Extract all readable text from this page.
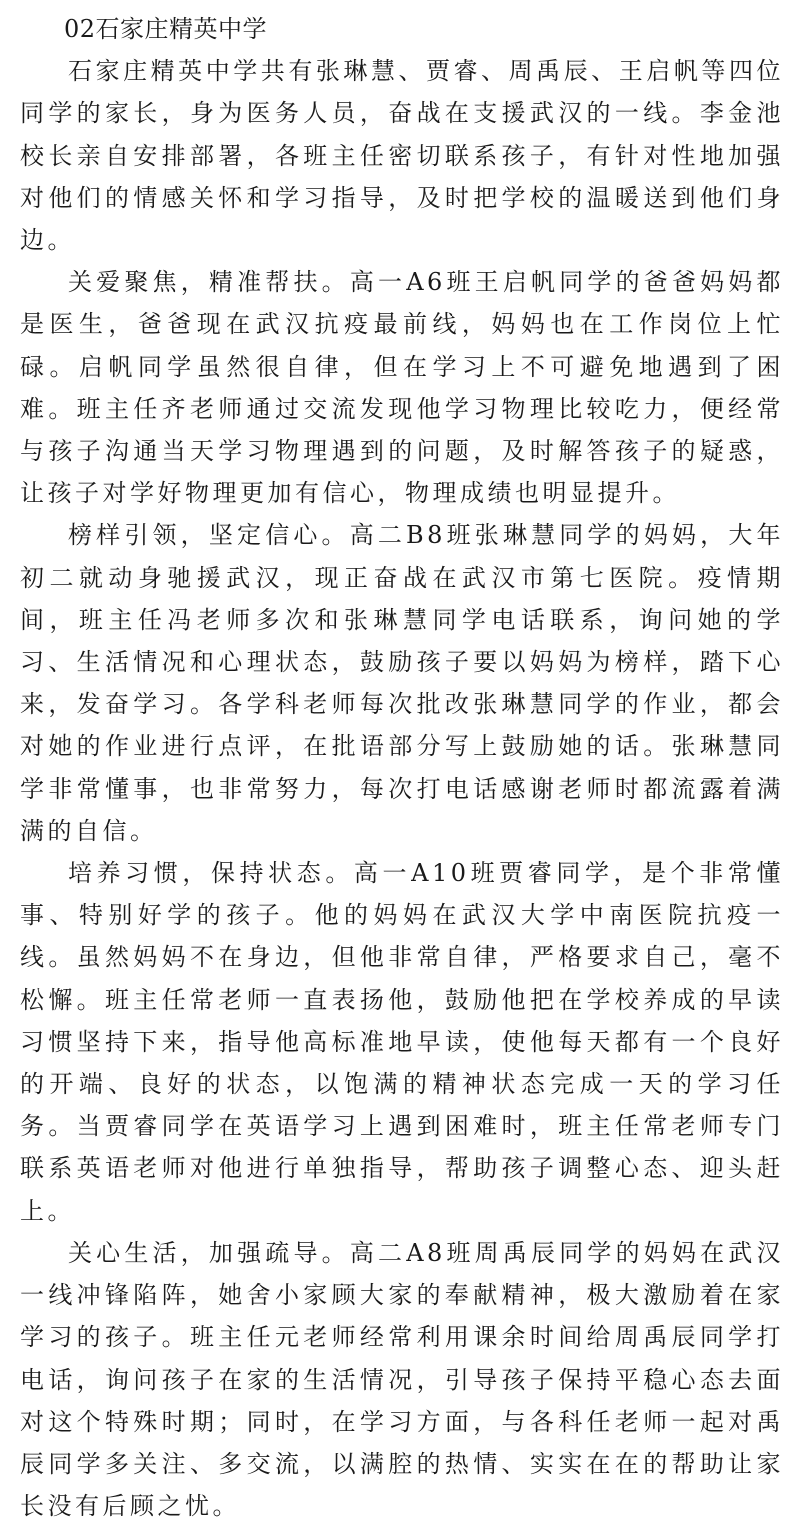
02石家庄精英中学

石家庄精英中学共有张琳慧、贾睿、周禹辰、王启帆等四位同学的家长，身为医务人员，奋战在支援武汉的一线。李金池校长亲自安排部署，各班主任密切联系孩子，有针对性地加强对他们的情感关怀和学习指导，及时把学校的温暖送到他们身边。

关爱聚焦，精准帮扶。高一A6班王启帆同学的爸爸妈妈都是医生，爸爸现在武汉抗疫最前线，妈妈也在工作岗位上忙碌。启帆同学虽然很自律，但在学习上不可避免地遇到了困难。班主任齐老师通过交流发现他学习物理比较吃力，便经常与孩子沟通当天学习物理遇到的问题，及时解答孩子的疑惑，让孩子对学好物理更加有信心，物理成绩也明显提升。

榜样引领，坚定信心。高二B8班张琳慧同学的妈妈，大年初二就动身驰援武汉，现正奋战在武汉市第七医院。疫情期间，班主任冯老师多次和张琳慧同学电话联系，询问她的学习、生活情况和心理状态，鼓励孩子要以妈妈为榜样，踏下心来，发奋学习。各学科老师每次批改张琳慧同学的作业，都会对她的作业进行点评，在批语部分写上鼓励她的话。张琳慧同学非常懂事，也非常努力，每次打电话感谢老师时都流露着满满的自信。

培养习惯，保持状态。高一A10班贾睿同学，是个非常懂事、特别好学的孩子。他的妈妈在武汉大学中南医院抗疫一线。虽然妈妈不在身边，但他非常自律，严格要求自己，毫不松懈。班主任常老师一直表扬他，鼓励他把在学校养成的早读习惯坚持下来，指导他高标准地早读，使他每天都有一个良好的开端、良好的状态，以饱满的精神状态完成一天的学习任务。当贾睿同学在英语学习上遇到困难时，班主任常老师专门联系英语老师对他进行单独指导，帮助孩子调整心态、迎头赶上。

关心生活，加强疏导。高二A8班周禹辰同学的妈妈在武汉一线冲锋陷阵，她舍小家顾大家的奉献精神，极大激励着在家学习的孩子。班主任元老师经常利用课余时间给周禹辰同学打电话，询问孩子在家的生活情况，引导孩子保持平稳心态去面对这个特殊时期；同时，在学习方面，与各科任老师一起对禹辰同学多关注、多交流，以满腔的热情、实实在在的帮助让家长没有后顾之忧。
